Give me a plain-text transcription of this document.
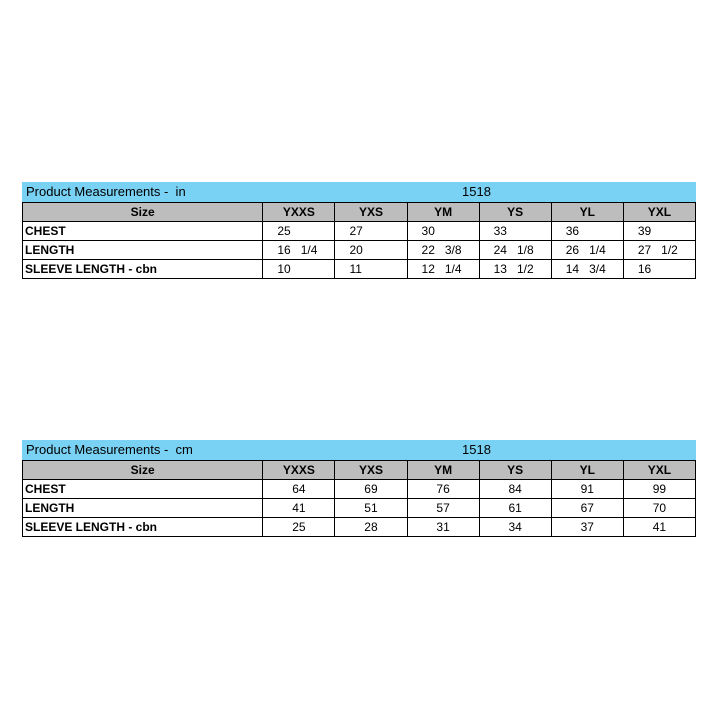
Product Measurements -  in	1518
Size	YXXS	YXS	YM	YS	YL	YXL
CHEST	25	27	30	33	36	39
LENGTH	16   1/4	20	22   3/8	24   1/8	26   1/4	27   1/2
SLEEVE LENGTH - cbn	10	11	12   1/4	13   1/2	14   3/4	16
Product Measurements -  cm	1518
Size	YXXS	YXS	YM	YS	YL	YXL
CHEST	64	69	76	84	91	99
LENGTH	41	51	57	61	67	70
SLEEVE LENGTH - cbn	25	28	31	34	37	41
